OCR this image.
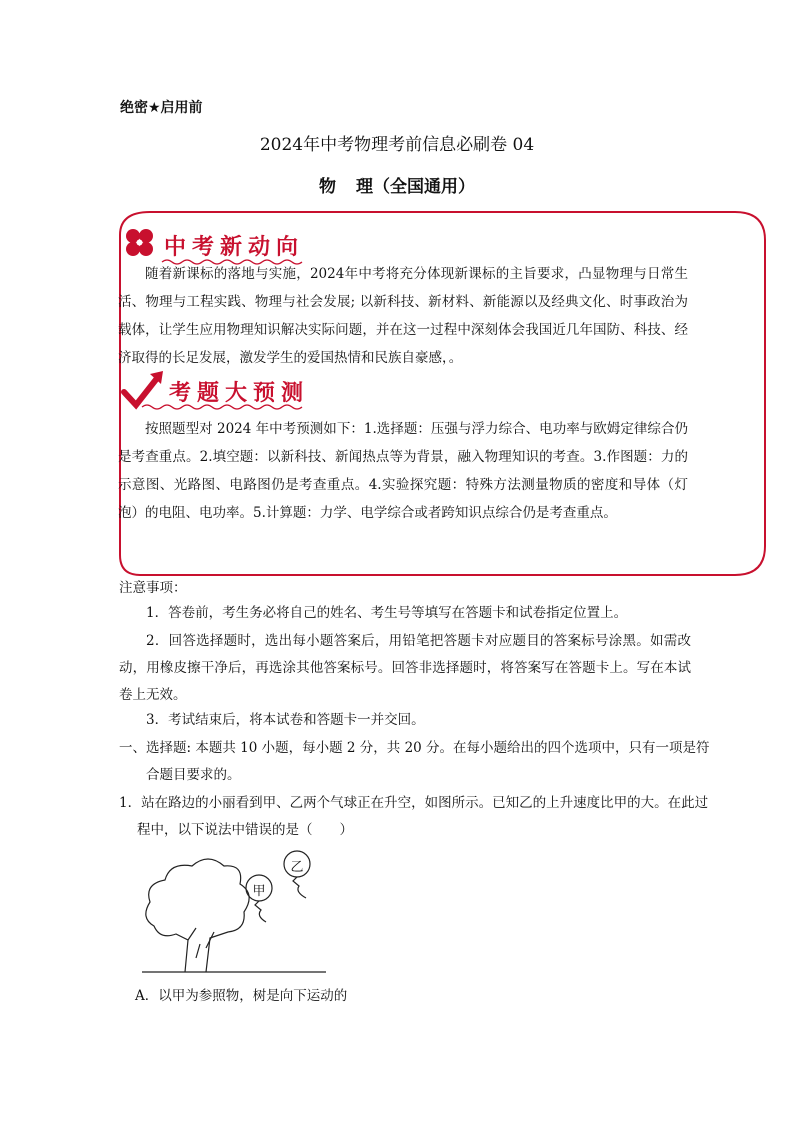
绝密★启用前
2024年中考物理考前信息必刷卷 04
物 理（全国通用）
中考新动向
随着新课标的落地与实施，2024年中考将充分体现新课标的主旨要求，凸显物理与日常生活、物理与工程实践、物理与社会发展; 以新科技、新材料、新能源以及经典文化、时事政治为载体，让学生应用物理知识解决实际问题，并在这一过程中深刻体会我国近几年国防、科技、经济取得的长足发展，激发学生的爱国热情和民族自豪感，。
考题大预测
按照题型对 2024 年中考预测如下：1.选择题：压强与浮力综合、电功率与欧姆定律综合仍是考查重点。2.填空题：以新科技、新闻热点等为背景，融入物理知识的考查。3.作图题：力的示意图、光路图、电路图仍是考查重点。4.实验探究题：特殊方法测量物质的密度和导体（灯泡）的电阻、电功率。5.计算题：力学、电学综合或者跨知识点综合仍是考查重点。
注意事项：
1．答卷前，考生务必将自己的姓名、考生号等填写在答题卡和试卷指定位置上。
2．回答选择题时，选出每小题答案后，用铅笔把答题卡对应题目的答案标号涂黑。如需改动，用橡皮擦干净后，再选涂其他答案标号。回答非选择题时，将答案写在答题卡上。写在本试卷上无效。
3．考试结束后，将本试卷和答题卡一并交回。
一、选择题: 本题共 10 小题，每小题 2 分，共 20 分。在每小题给出的四个选项中，只有一项是符合题目要求的。
1．站在路边的小丽看到甲、乙两个气球正在升空，如图所示。已知乙的上升速度比甲的大。在此过程中，以下说法中错误的是（　　）
甲
乙
A．以甲为参照物，树是向下运动的
